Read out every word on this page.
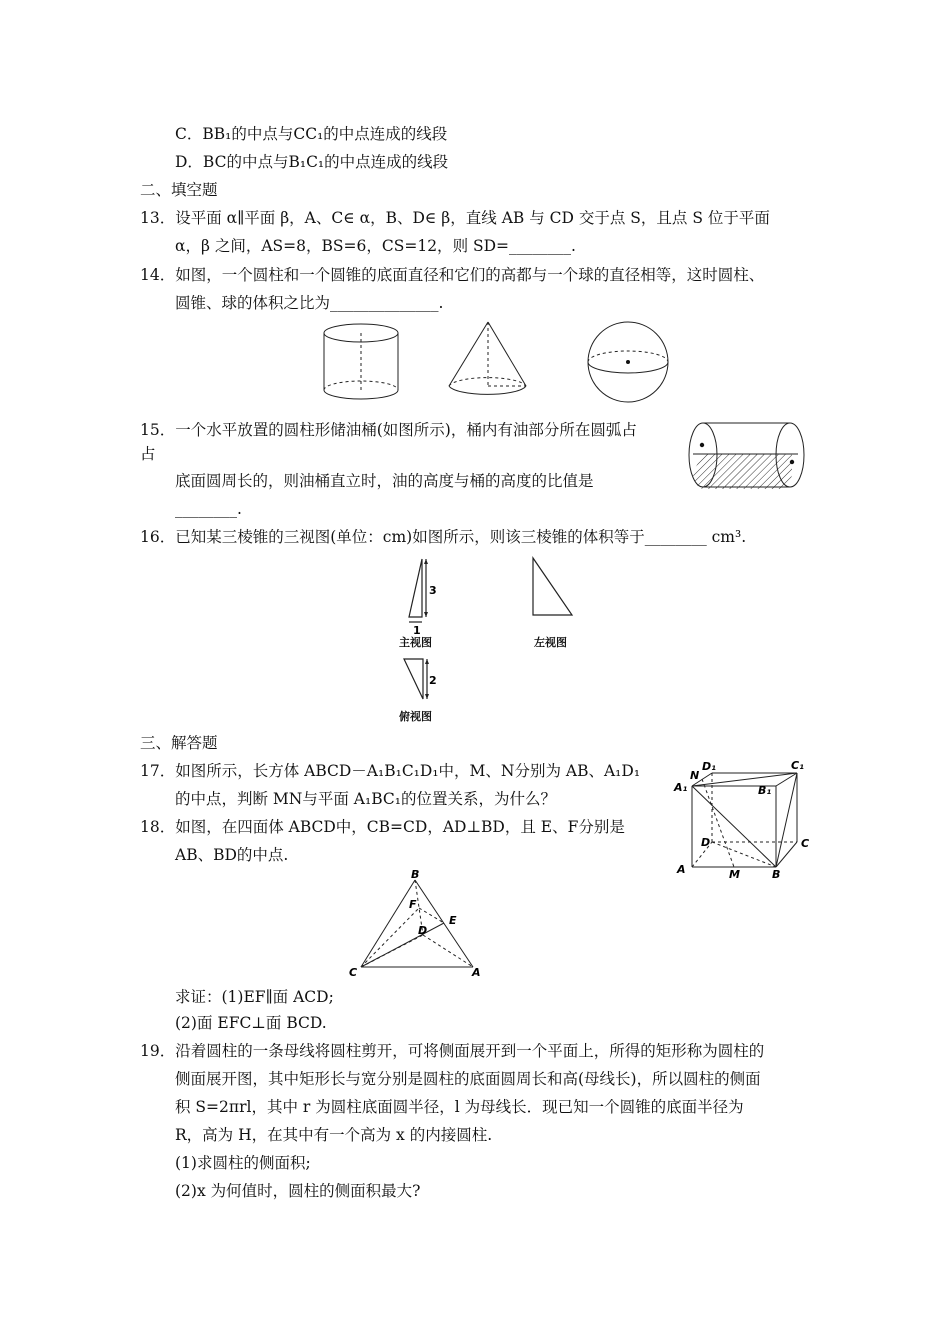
C．BB₁的中点与CC₁的中点连成的线段
D．BC的中点与B₁C₁的中点连成的线段
二、填空题
13．设平面 α∥平面 β，A、C∈ α，B、D∈ β，直线 AB 与 CD 交于点 S，且点 S 位于平面
α，β 之间，AS=8，BS=6，CS=12，则 SD=________.
14．如图，一个圆柱和一个圆锥的底面直径和它们的高都与一个球的直径相等，这时圆柱、
圆锥、球的体积之比为______________.
15．一个水平放置的圆柱形储油桶(如图所示)，桶内有油部分所在圆弧占
占
底面圆周长的，则油桶直立时，油的高度与桶的高度的比值是
________.
16．已知某三棱锥的三视图(单位：cm)如图所示，则该三棱锥的体积等于________ cm³.
3
1
主视图	左视图
2
俯视图
三、解答题
17．如图所示，长方体 ABCD－A₁B₁C₁D₁中，M、N分别为 AB、A₁D₁
的中点，判断 MN与平面 A₁BC₁的位置关系，为什么？
18．如图，在四面体 ABCD中，CB=CD，AD⊥BD，且 E、F分别是
AB、BD的中点.
D₁	C₁
N
A₁	B₁
D	C
A	M	B
B
F
E
D
C	A
求证：(1)EF∥面 ACD;
(2)面 EFC⊥面 BCD.
19．沿着圆柱的一条母线将圆柱剪开，可将侧面展开到一个平面上，所得的矩形称为圆柱的
侧面展开图，其中矩形长与宽分别是圆柱的底面圆周长和高(母线长)，所以圆柱的侧面
积 S=2πrl，其中 r 为圆柱底面圆半径，l 为母线长．现已知一个圆锥的底面半径为
R，高为 H，在其中有一个高为 x 的内接圆柱.
(1)求圆柱的侧面积;
(2)x 为何值时，圆柱的侧面积最大?
